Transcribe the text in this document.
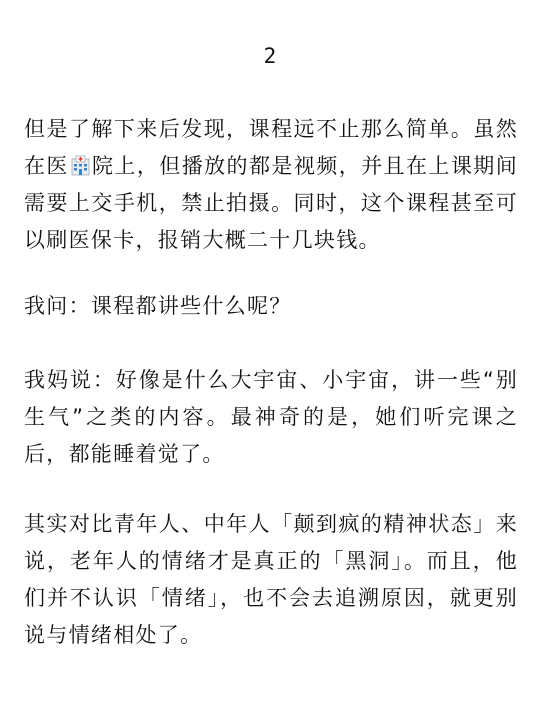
2

但是了解下来后发现，课程远不止那么简单。虽然在医 院上，但播放的都是视频，并且在上课期间需要上交手机，禁止拍摄。同时，这个课程甚至可以刷医保卡，报销大概二十几块钱。

我问：课程都讲些什么呢？

我妈说：好像是什么大宇宙、小宇宙，讲一些“别生气”之类的内容。最神奇的是，她们听完课之后，都能睡着觉了。

其实对比青年人、中年人「颠到疯的精神状态」来说，老年人的情绪才是真正的「黑洞」。而且，他们并不认识「情绪」，也不会去追溯原因，就更别说与情绪相处了。
